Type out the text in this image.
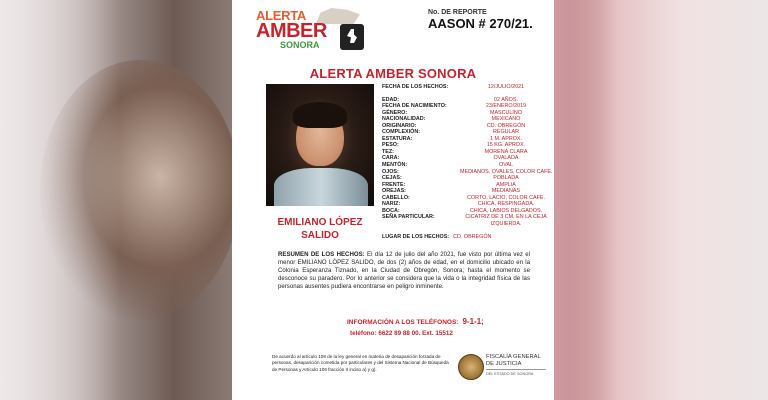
ALERTA
AMBER
SONORA
No. DE REPORTE
AASON # 270/21.
ALERTA AMBER SONORA
EMILIANO LÓPEZ
SALIDO
FECHA DE LOS HECHOS:	12/JULIO/2021
EDAD:	02 AÑOS.
FECHA DE NACIMIENTO:	23/ENERO/2019
GÉNERO:	MASCULINO
NACIONALIDAD:	MEXICANO
ORIGINARIO:	CD. OBREGÓN
COMPLEXIÓN:	REGULAR
ESTATURA:	1 M. APROX.
PESO:	15 KG. APROX.
TEZ:	MORENA CLARA
CARA:	OVALADA
MENTÓN:	OVAL
OJOS:	MEDIANOS, OVALES, COLOR CAFE.
CEJAS:	POBLADA
FRENTE:	AMPLIA
OREJAS:	MEDIANAS
CABELLO:	CORTO, LACIO, COLOR CAFE.
NARIZ:	CHICA, RESPINGADA.
BOCA:	CHICA, LABIOS DELGADOS.
SEÑA PARTICULAR:	CICATRIZ DE 3 CM. EN LA CEJA IZQUIERDA.
LUGAR DE LOS HECHOS: CD. OBREGÓN
RESUMEN DE LOS HECHOS: El día 12 de julio del año 2021, fue visto por última vez el menor EMILIANO LÓPEZ SALIDO, de dos (2) años de edad, en el domicilio ubicado en la Colonia Esperanza Tiznado, en la Ciudad de Obregón, Sonora; hasta el momento se desconoce su paradero. Por lo anterior se considera que la vida o la integridad física de las personas ausentes pudiera encontrarse en peligro inminente.
INFORMACIÓN A LOS TELÉFONOS: 9-1-1;
teléfono: 6622 89 88 00. Ext. 15512
De acuerdo al artículo 108 de la ley general en materia de desaparición forzada de personas, desaparición cometida por particulares y del Sistema Nacional de Búsqueda de Personas y Artículo 106 fracción II inciso a) y g).
FISCALÍA GENERAL
DE JUSTICIA
DEL ESTADO DE SONORA
